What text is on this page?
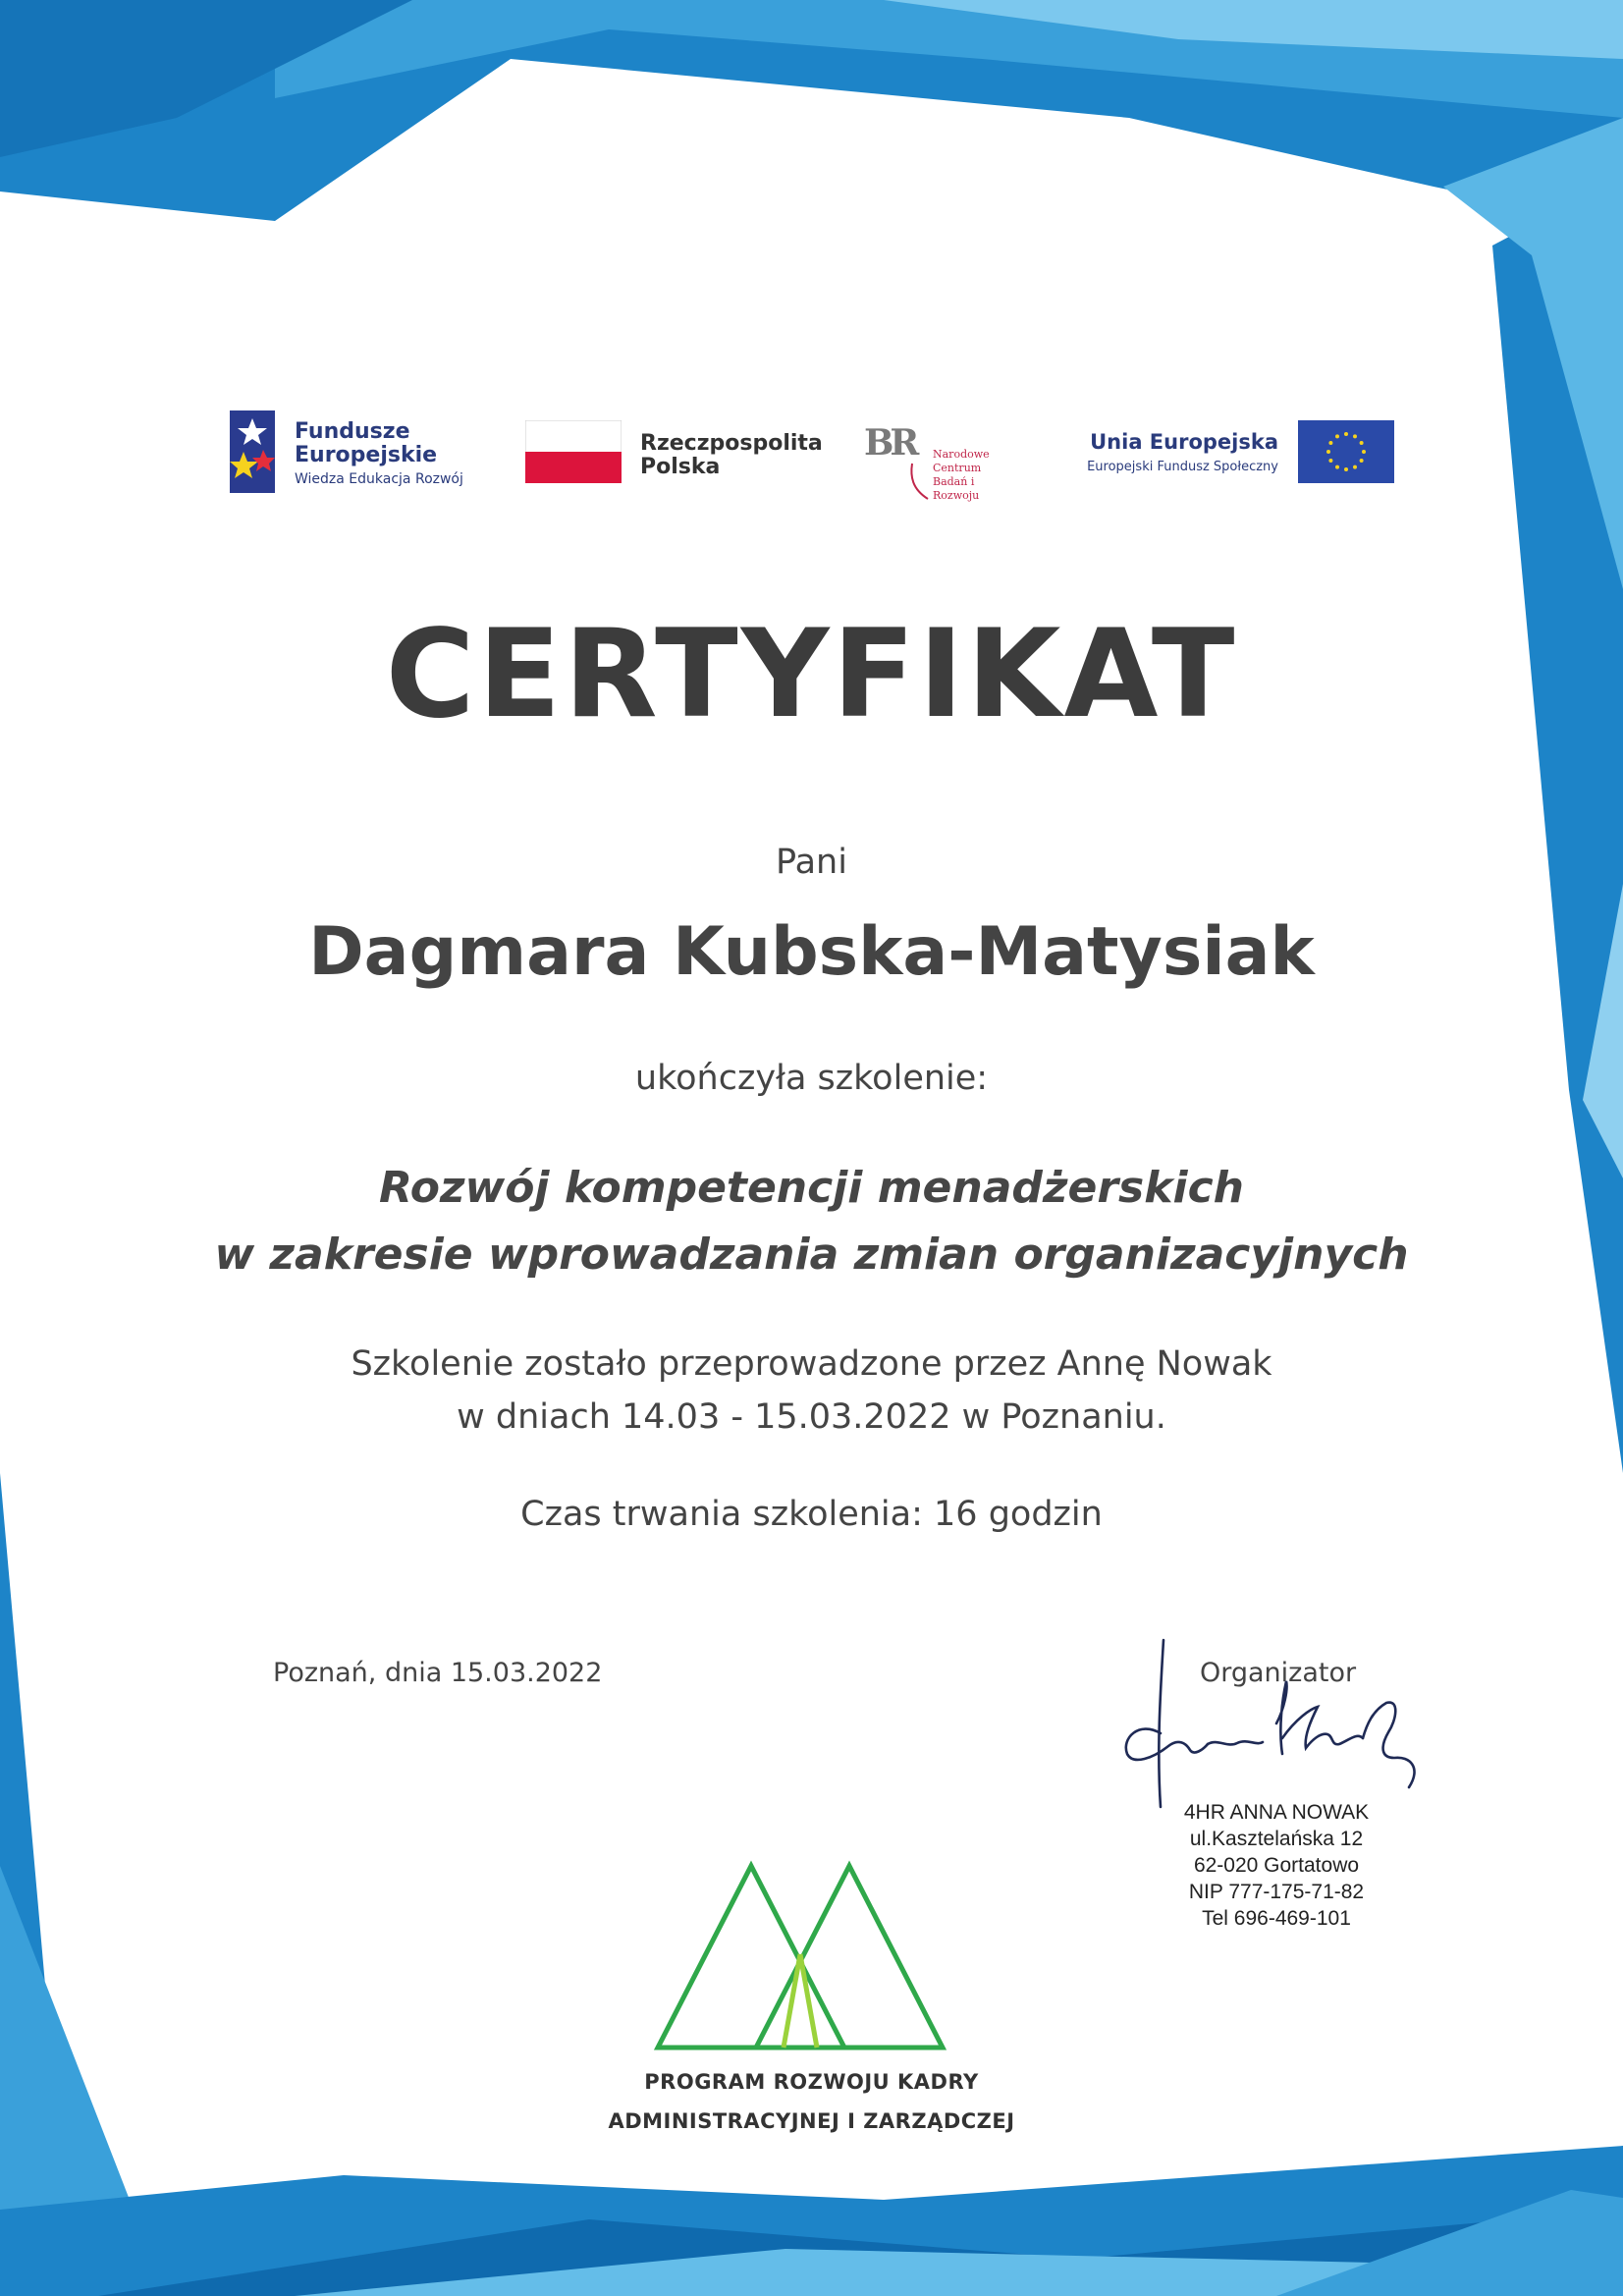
Fundusze
Europejskie
Wiedza Edukacja Rozwój
Rzeczpospolita
Polska
BR Narodowe Centrum
Badań i Rozwoju
Unia Europejska
Europejski Fundusz Społeczny
CERTYFIKAT
Pani
Dagmara Kubska-Matysiak
ukończyła szkolenie:
Rozwój kompetencji menadżerskich
w zakresie wprowadzania zmian organizacyjnych
Szkolenie zostało przeprowadzone przez Annę Nowak
w dniach 14.03 - 15.03.2022 w Poznaniu.
Czas trwania szkolenia: 16 godzin
Poznań, dnia 15.03.2022	Organizator
4HR ANNA NOWAK
ul.Kasztelańska 12
62-020 Gortatowo
NIP 777-175-71-82
Tel 696-469-101
PROGRAM ROZWOJU KADRY
ADMINISTRACYJNEJ I ZARZĄDCZEJ
